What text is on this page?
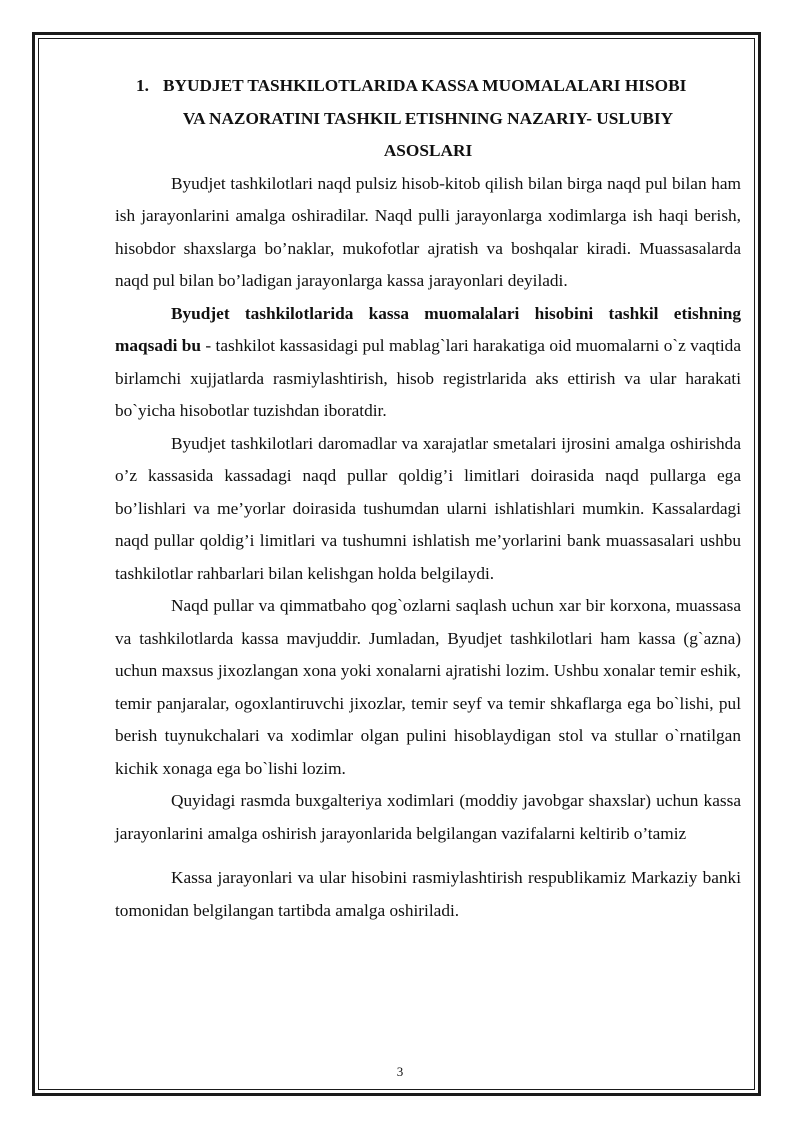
1. BYUDJET TASHKILOTLARIDA KASSA MUOMALALARI HISOBI
VA NAZORATINI TASHKIL ETISHNING NAZARIY- USLUBIY
ASOSLARI

Byudjet tashkilotlari naqd pulsiz hisob-kitob qilish bilan birga naqd pul bilan ham ish jarayonlarini amalga oshiradilar. Naqd pulli jarayonlarga xodimlarga ish haqi berish, hisobdor shaxslarga bo’naklar, mukofotlar ajratish va boshqalar kiradi. Muassasalarda naqd pul bilan bo’ladigan jarayonlarga kassa jarayonlari deyiladi.

Byudjet tashkilotlarida kassa muomalalari hisobini tashkil etishning maqsadi bu - tashkilot kassasidagi pul mablag`lari harakatiga oid muomalarni o`z vaqtida birlamchi xujjatlarda rasmiylashtirish, hisob registrlarida aks ettirish va ular harakati bo`yicha hisobotlar tuzishdan iboratdir.

Byudjet tashkilotlari daromadlar va xarajatlar smetalari ijrosini amalga oshirishda o’z kassasida kassadagi naqd pullar qoldig’i limitlari doirasida naqd pullarga ega bo’lishlari va me’yorlar doirasida tushumdan ularni ishlatishlari mumkin. Kassalardagi naqd pullar qoldig’i limitlari va tushumni ishlatish me’yorlarini bank muassasalari ushbu tashkilotlar rahbarlari bilan kelishgan holda belgilaydi.

Naqd pullar va qimmatbaho qog`ozlarni saqlash uchun xar bir korxona, muassasa va tashkilotlarda kassa mavjuddir. Jumladan, Byudjet tashkilotlari ham kassa (g`azna) uchun maxsus jixozlangan xona yoki xonalarni ajratishi lozim. Ushbu xonalar temir eshik, temir panjaralar, ogoxlantiruvchi jixozlar, temir seyf va temir shkaflarga ega bo`lishi, pul berish tuynukchalari va xodimlar olgan pulini hisoblaydigan stol va stullar o`rnatilgan kichik xonaga ega bo`lishi lozim.

Quyidagi rasmda buxgalteriya xodimlari (moddiy javobgar shaxslar) uchun kassa jarayonlarini amalga oshirish jarayonlarida belgilangan vazifalarni keltirib o’tamiz

Kassa jarayonlari va ular hisobini rasmiylashtirish respublikamiz Markaziy banki tomonidan belgilangan tartibda amalga oshiriladi.

3
